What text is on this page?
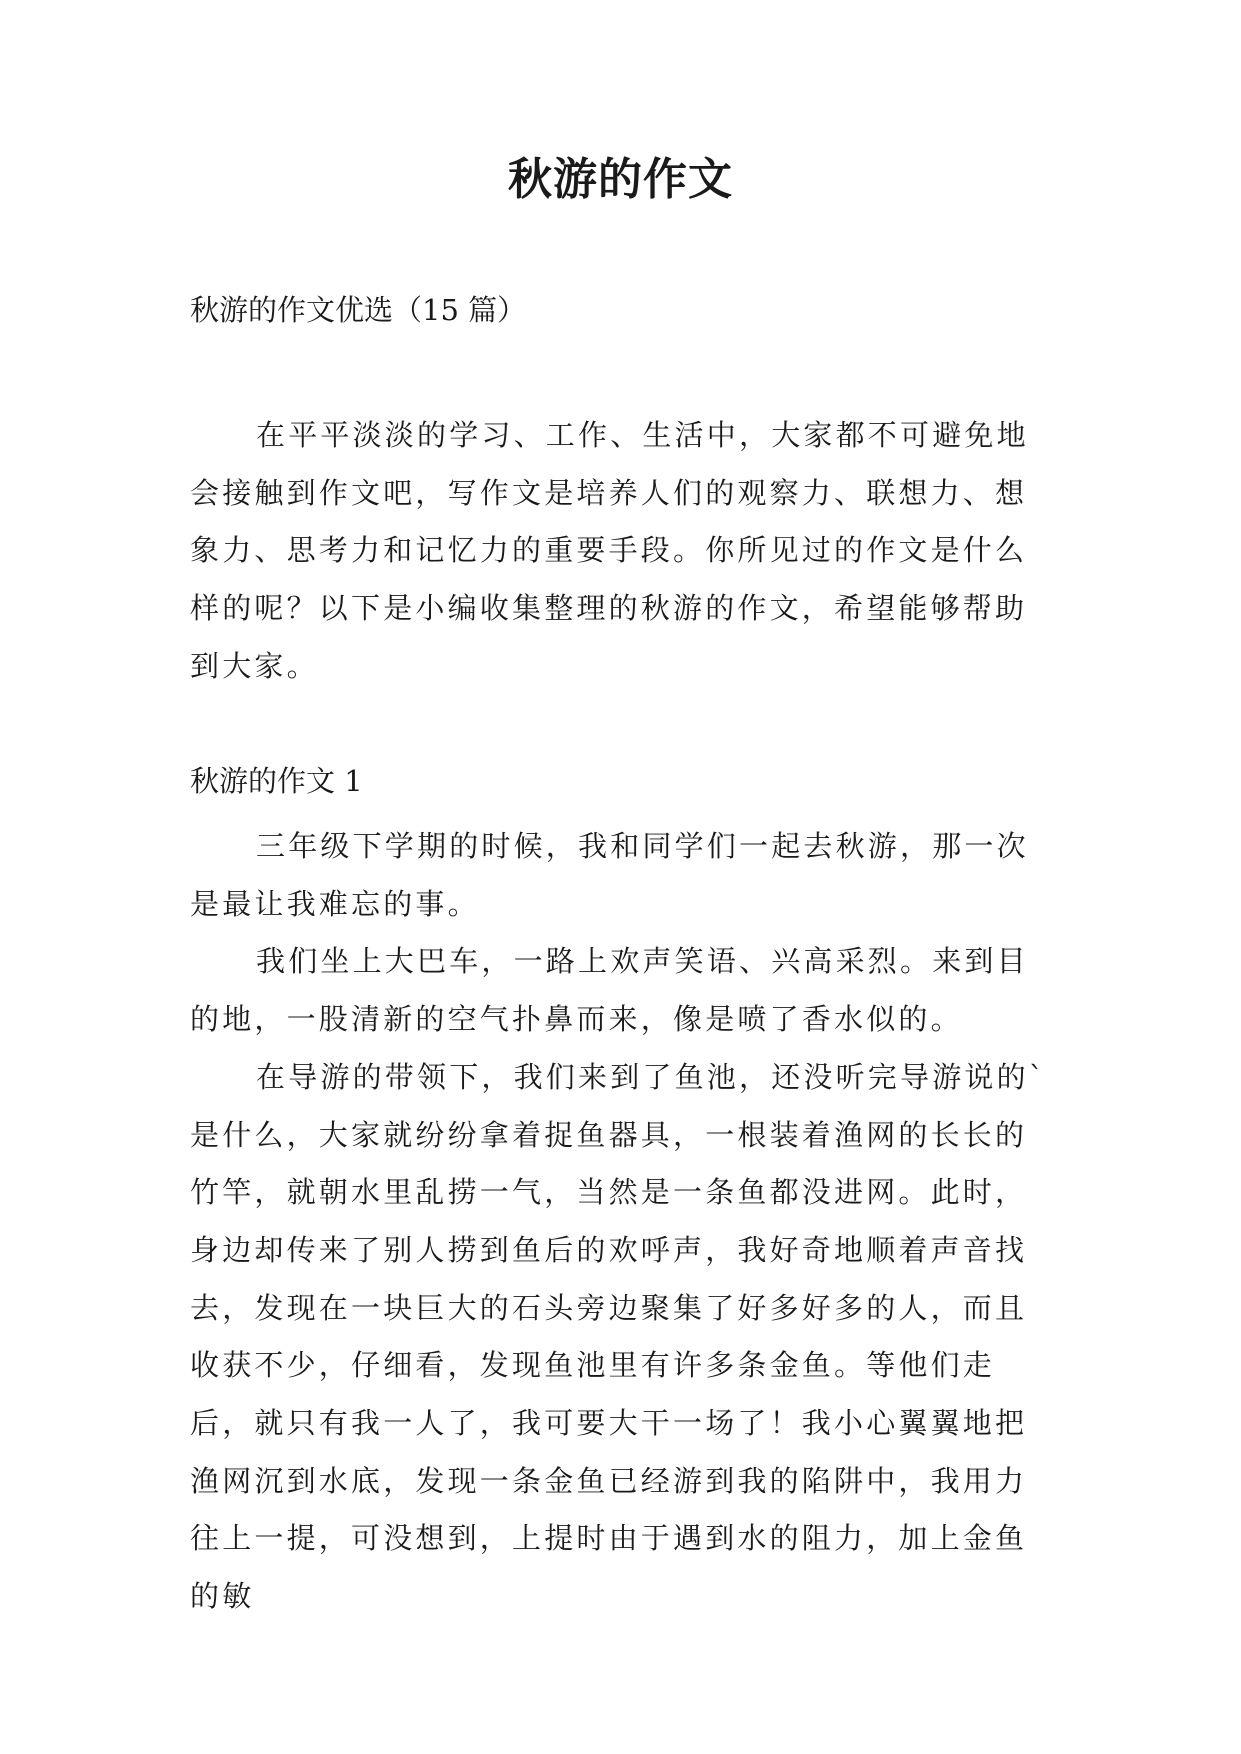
秋游的作文
秋游的作文优选（15 篇）

在平平淡淡的学习、工作、生活中，大家都不可避免地会接触到作文吧，写作文是培养人们的观察力、联想力、想象力、思考力和记忆力的重要手段。你所见过的作文是什么样的呢？以下是小编收集整理的秋游的作文，希望能够帮助到大家。

秋游的作文 1

三年级下学期的时候，我和同学们一起去秋游，那一次是最让我难忘的事。

我们坐上大巴车，一路上欢声笑语、兴高采烈。来到目的地，一股清新的空气扑鼻而来，像是喷了香水似的。

在导游的带领下，我们来到了鱼池，还没听完导游说的`是什么，大家就纷纷拿着捉鱼器具，一根装着渔网的长长的竹竿，就朝水里乱捞一气，当然是一条鱼都没进网。此时，身边却传来了别人捞到鱼后的欢呼声，我好奇地顺着声音找去，发现在一块巨大的石头旁边聚集了好多好多的人，而且收获不少，仔细看，发现鱼池里有许多条金鱼。等他们走后，就只有我一人了，我可要大干一场了！我小心翼翼地把渔网沉到水底，发现一条金鱼已经游到我的陷阱中，我用力往上一提，可没想到，上提时由于遇到水的阻力，加上金鱼的敏
